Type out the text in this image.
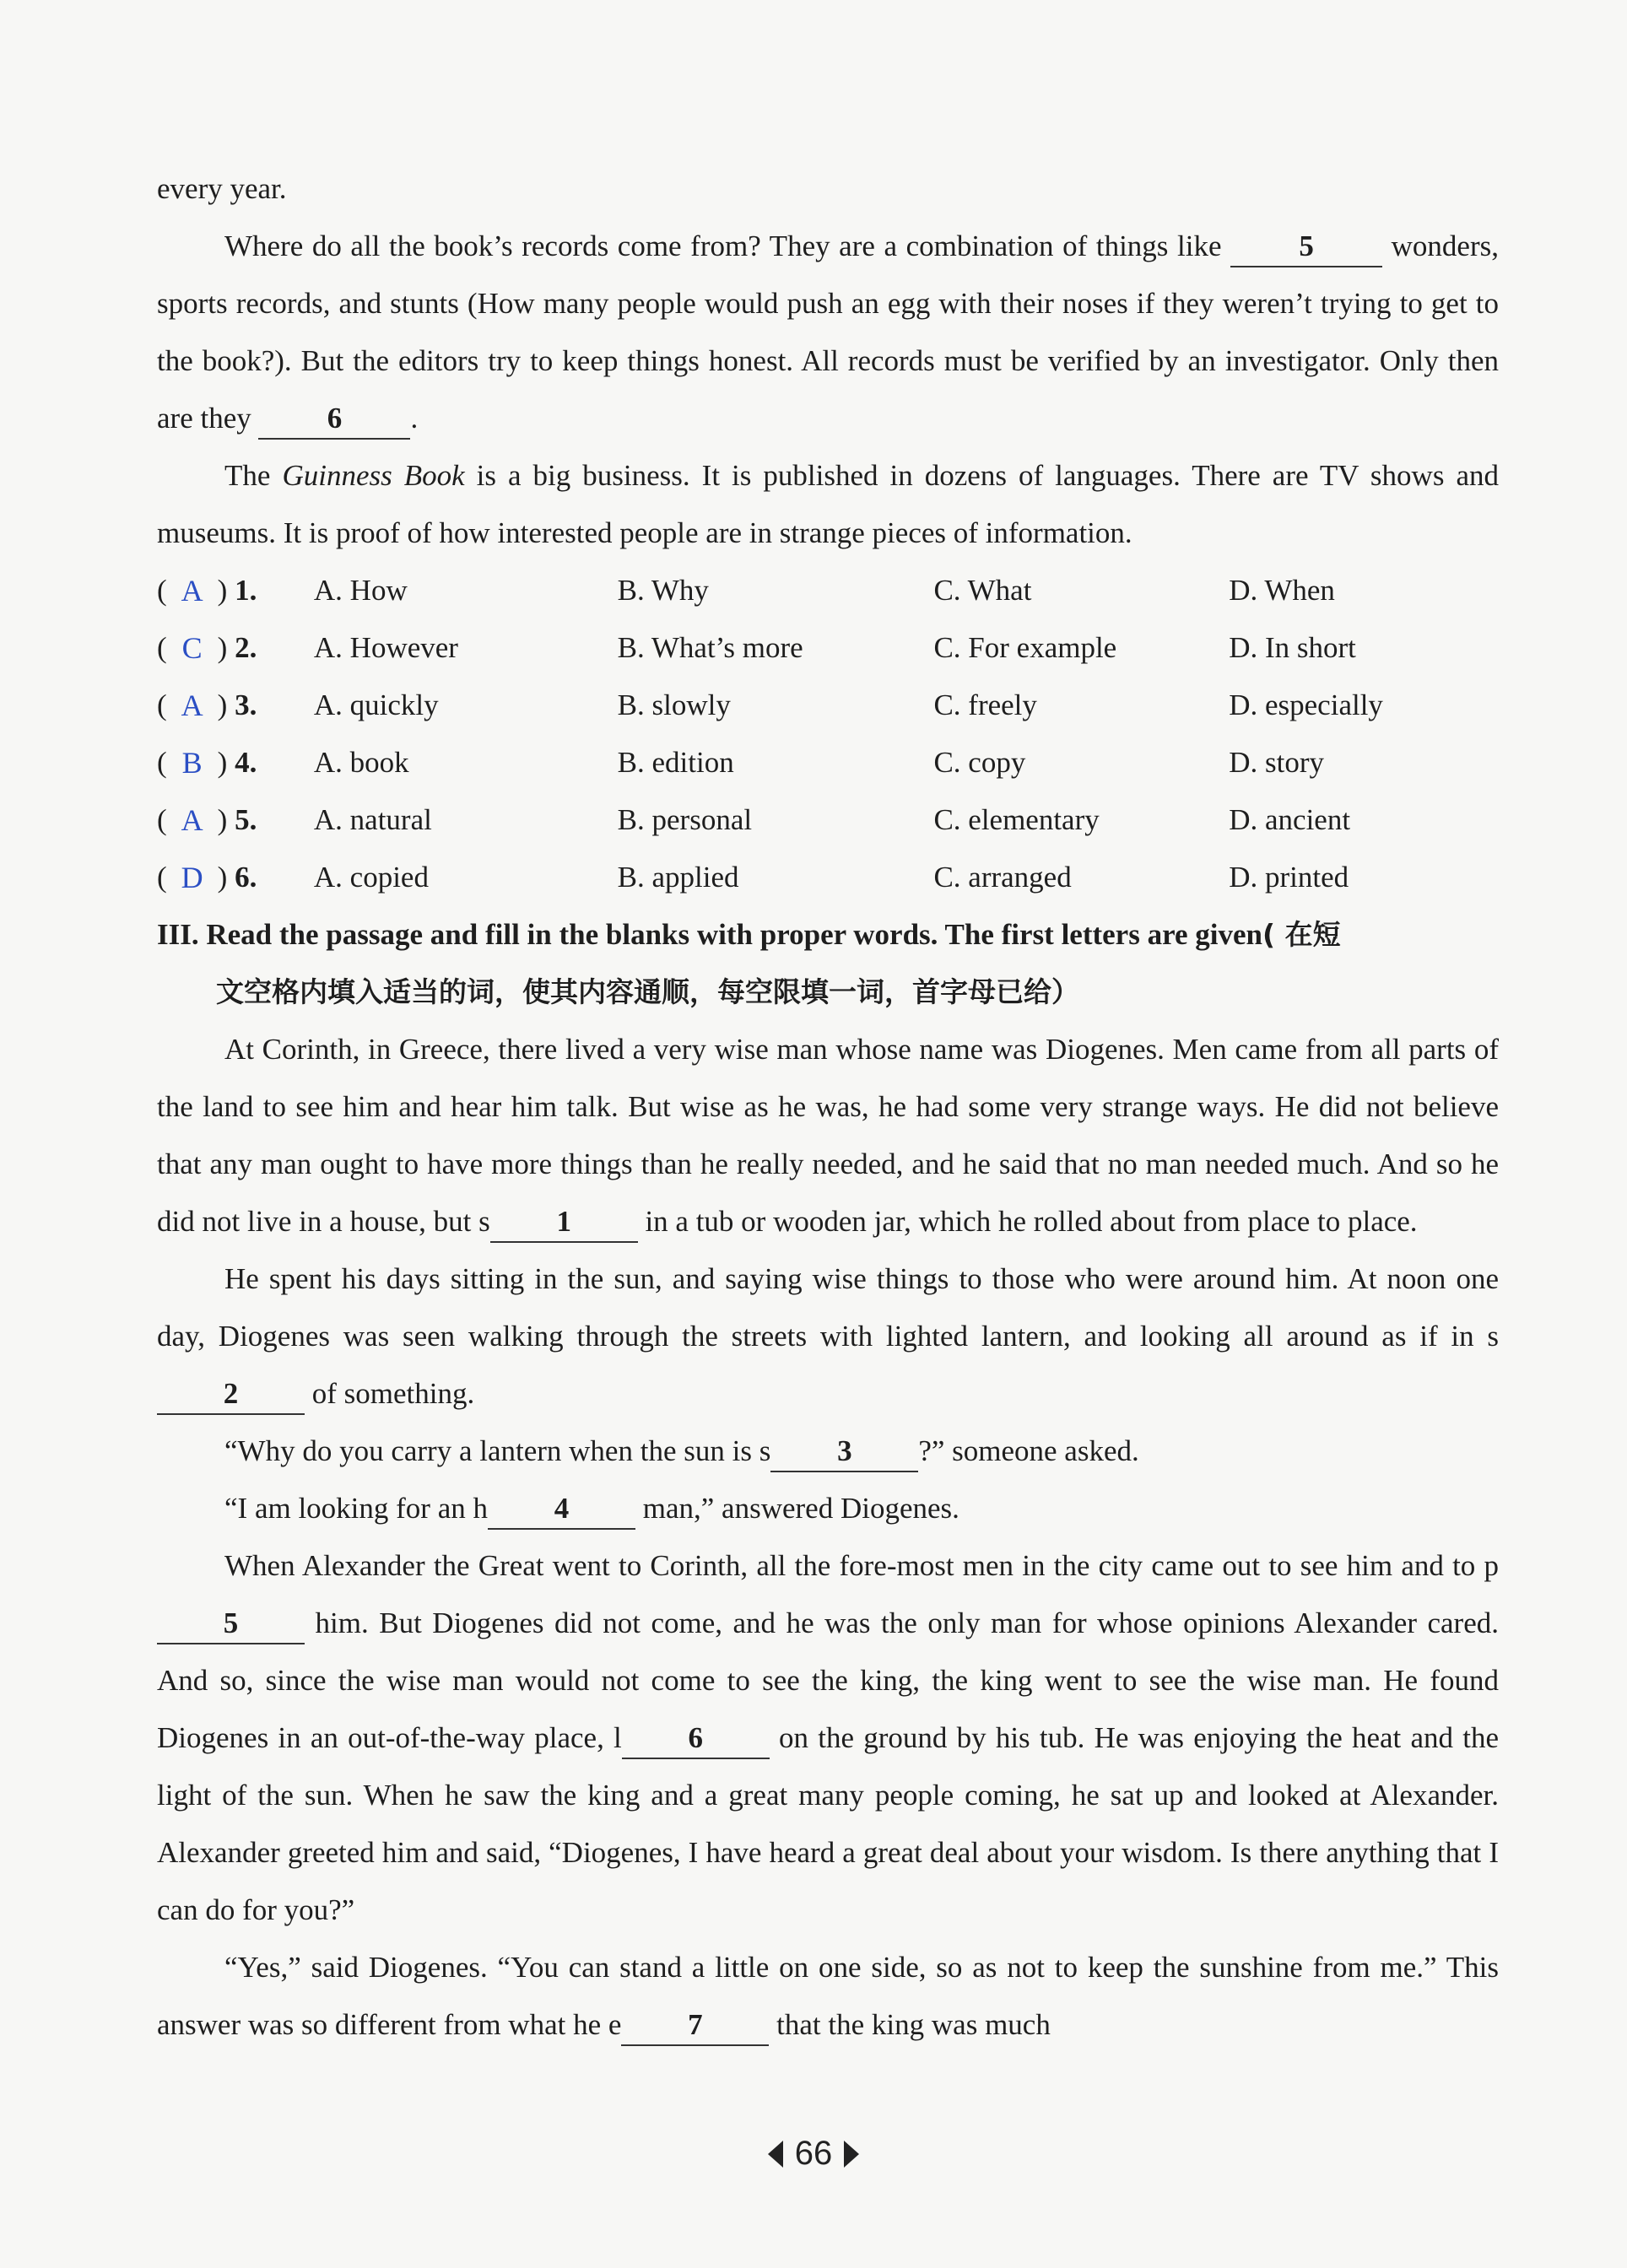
every year.

Where do all the book’s records come from? They are a combination of things like	5	wonders, sports records, and stunts (How many people would push an egg with their noses if they weren’t trying to get to the book?). But the editors try to keep things honest. All records must be verified by an investigator. Only then are they	6 .

The Guinness Book is a big business. It is published in dozens of languages. There are TV shows and museums. It is proof of how interested people are in strange pieces of information.

( A ) 1. A. How	B. Why	C. What	D. When
( C ) 2. A. However	B. What’s more	C. For example	D. In short
( A ) 3. A. quickly	B. slowly	C. freely	D. especially
( B ) 4. A. book	B. edition	C. copy	D. story
( A ) 5. A. natural	B. personal	C. elementary	D. ancient
( D ) 6. A. copied	B. applied	C. arranged	D. printed

III. Read the passage and fill in the blanks with proper words. The first letters are given( 在短

文空格内填入适当的词，使其内容通顺，每空限填一词，首字母已给）

At Corinth, in Greece, there lived a very wise man whose name was Diogenes. Men came from all parts of the land to see him and hear him talk. But wise as he was, he had some very strange ways. He did not believe that any man ought to have more things than he really needed, and he said that no man needed much. And so he did not live in a house, but s 1	in a tub or wooden jar, which he rolled about from place to place.

He spent his days sitting in the sun, and saying wise things to those who were around him. At noon one day, Diogenes was seen walking through the streets with lighted lantern, and looking all around as if in s2	of something.

“Why do you carry a lantern when the sun is s 3 ?” someone asked.

“I am looking for an h 4	man,” answered Diogenes.

When Alexander the Great went to Corinth, all the fore-most men in the city came out to see him and to p5	him. But Diogenes did not come, and he was the only man for whose opinions Alexander cared. And so, since the wise man would not come to see the king, the king went to see the wise man. He found Diogenes in an out-of-the-way place, l 6	on the ground by his tub. He was enjoying the heat and the light of the sun. When he saw the king and a great many people coming, he sat up and looked at Alexander. Alexander greeted him and said, “Diogenes, I have heard a great deal about your wisdom. Is there anything that I can do for you?”

“Yes,” said Diogenes. “You can stand a little on one side, so as not to keep the sunshine from me.” This answer was so different from what he e 7	that the king was much

66
